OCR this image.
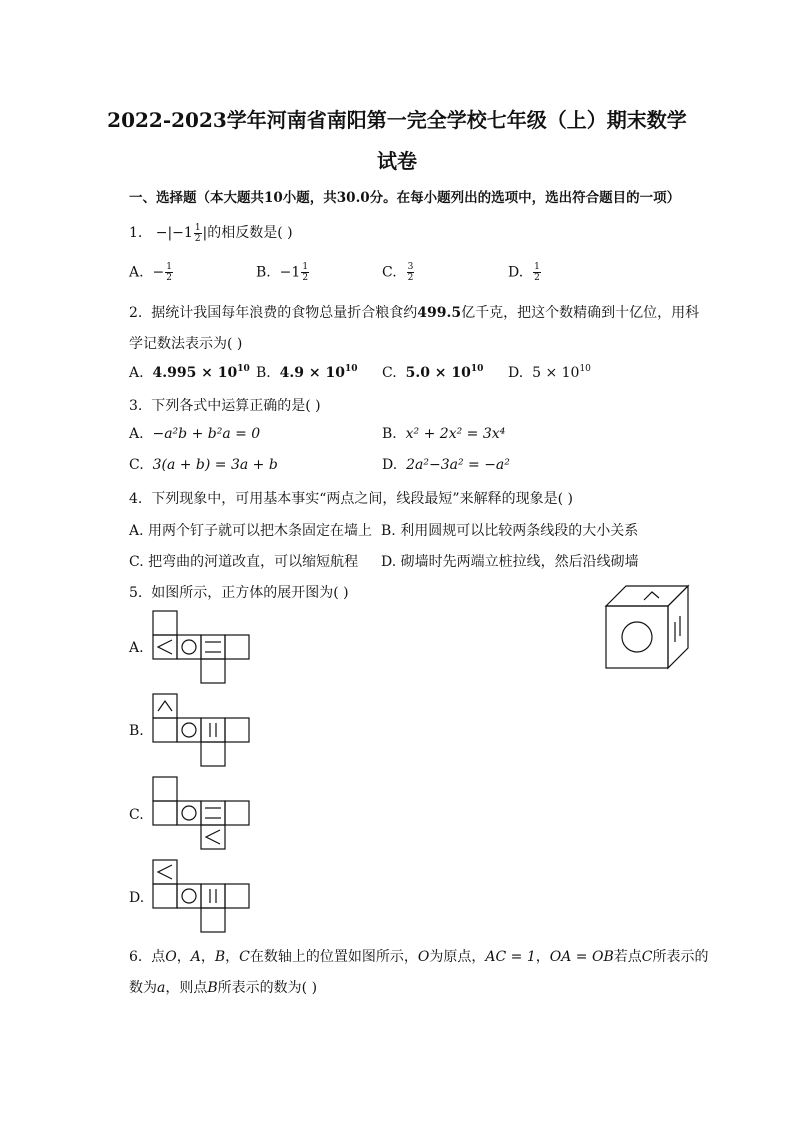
2022-2023学年河南省南阳第一完全学校七年级（上）期末数学
试卷
一、选择题（本大题共10小题，共30.0分。在每小题列出的选项中，选出符合题目的一项）
1. $-|-1 \frac{1}{2}$ |的相反数是( )
A. − $\frac{1}{2}$	B. $-1 \frac{1}{2}$	C. $\frac{3}{2}$	D. $\frac{1}{2}$
2. 据统计我国每年浪费的食物总量折合粮食约499.5亿千克，把这个数精确到十亿位，用科
学记数法表示为( )
A. $4.995 \times 10^{10}$ B. $4.9 \times 10^{10}$ C. $5.0 \times 10^{10}$ D. $5 \times 10^{10}$
3. 下列各式中运算正确的是( )
A. −a²b + b²a = 0	B. x² + 2x² = 3x⁴
C. 3(a + b) = 3a + b	D. 2a²−3a² = −a²
4. 下列现象中，可用基本事实“两点之间，线段最短”来解释的现象是( )
A. 用两个钉子就可以把木条固定在墙上 B. 利用圆规可以比较两条线段的大小关系
C. 把弯曲的河道改直，可以缩短航程 D. 砌墙时先两端立桩拉线，然后沿线砌墙
5. 如图所示，正方体的展开图为( )
A.
B.
C.
D.
6. 点O，A，B，C在数轴上的位置如图所示，O为原点，AC = 1，OA = OB若点C所表示的
数为a，则点B所表示的数为( )
